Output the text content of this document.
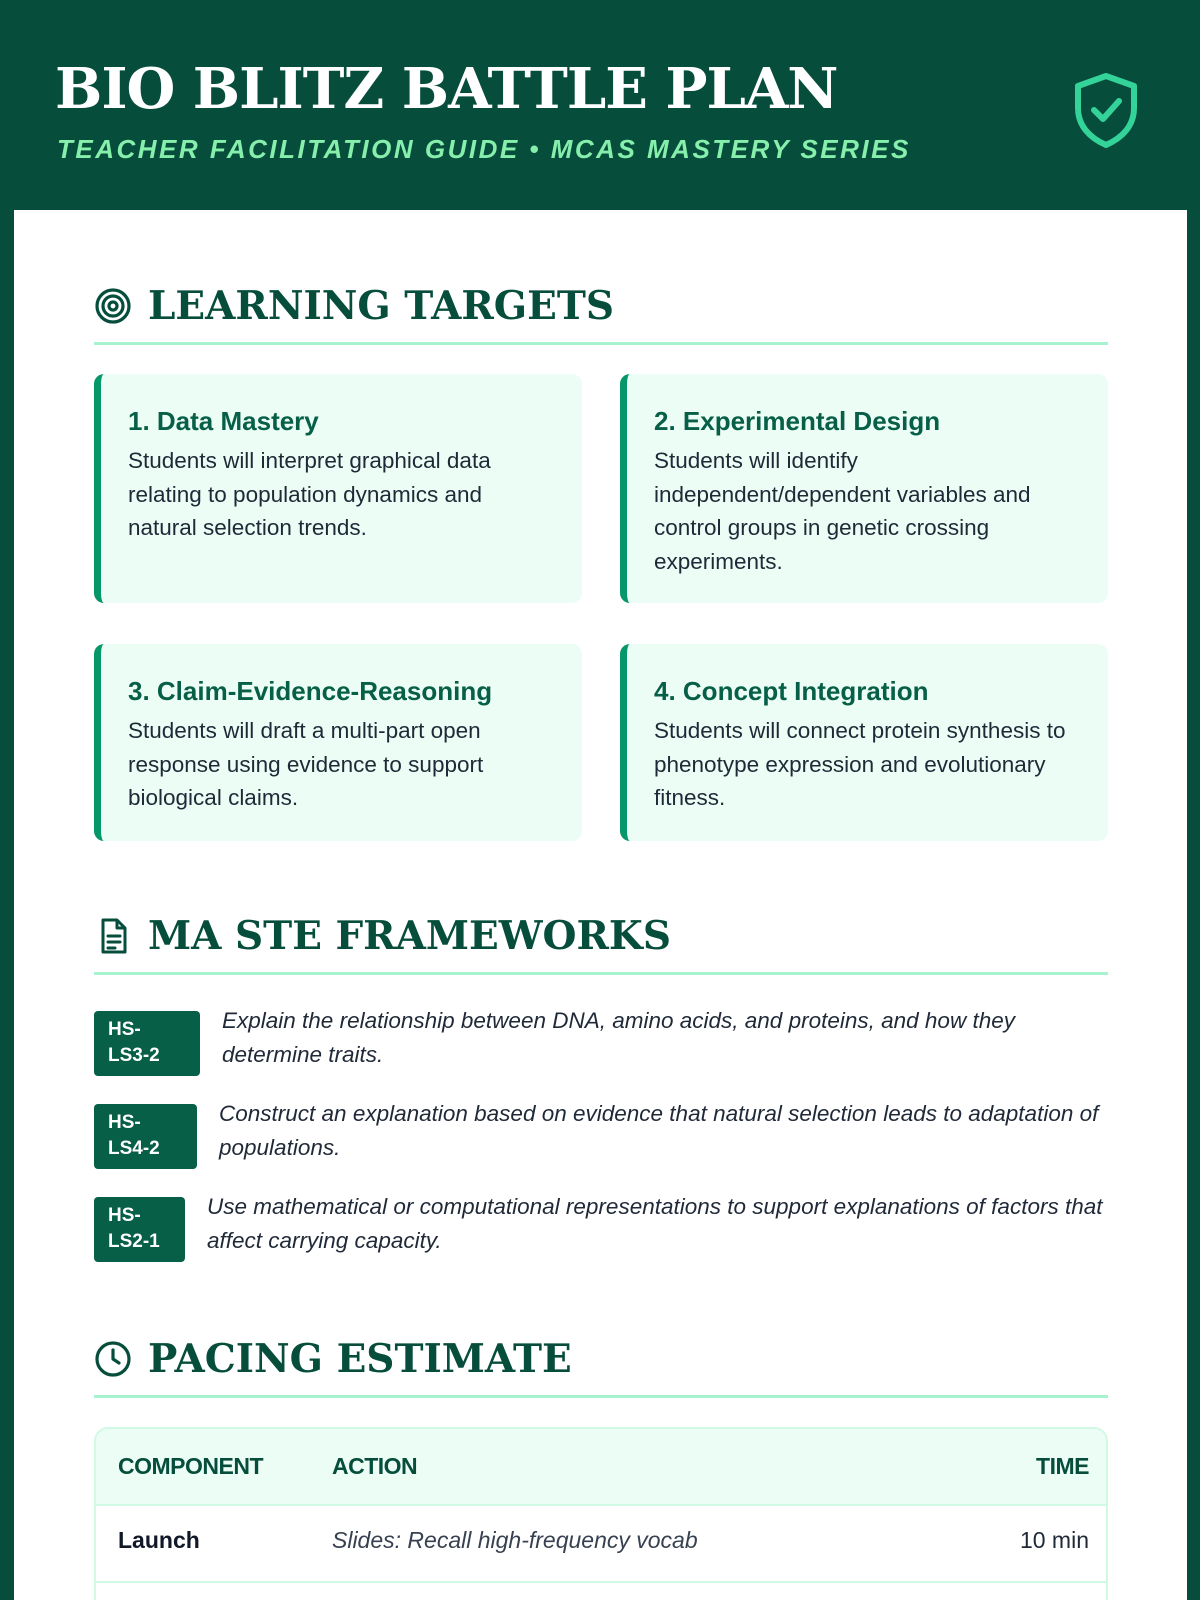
BIO BLITZ BATTLE PLAN
TEACHER FACILITATION GUIDE • MCAS MASTERY SERIES
LEARNING TARGETS
1. Data Mastery
Students will interpret graphical data relating to population dynamics and natural selection trends.
2. Experimental Design
Students will identify independent/dependent variables and control groups in genetic crossing experiments.
3. Claim-Evidence-Reasoning
Students will draft a multi-part open response using evidence to support biological claims.
4. Concept Integration
Students will connect protein synthesis to phenotype expression and evolutionary fitness.
MA STE FRAMEWORKS
HS-
LS3-2
Explain the relationship between DNA, amino acids, and proteins, and how they determine traits.
HS-
LS4-2
Construct an explanation based on evidence that natural selection leads to adaptation of populations.
HS-
LS2-1
Use mathematical or computational representations to support explanations of factors that affect carrying capacity.
PACING ESTIMATE
COMPONENT	ACTION	TIME
Launch	Slides: Recall high-frequency vocab	10 min
